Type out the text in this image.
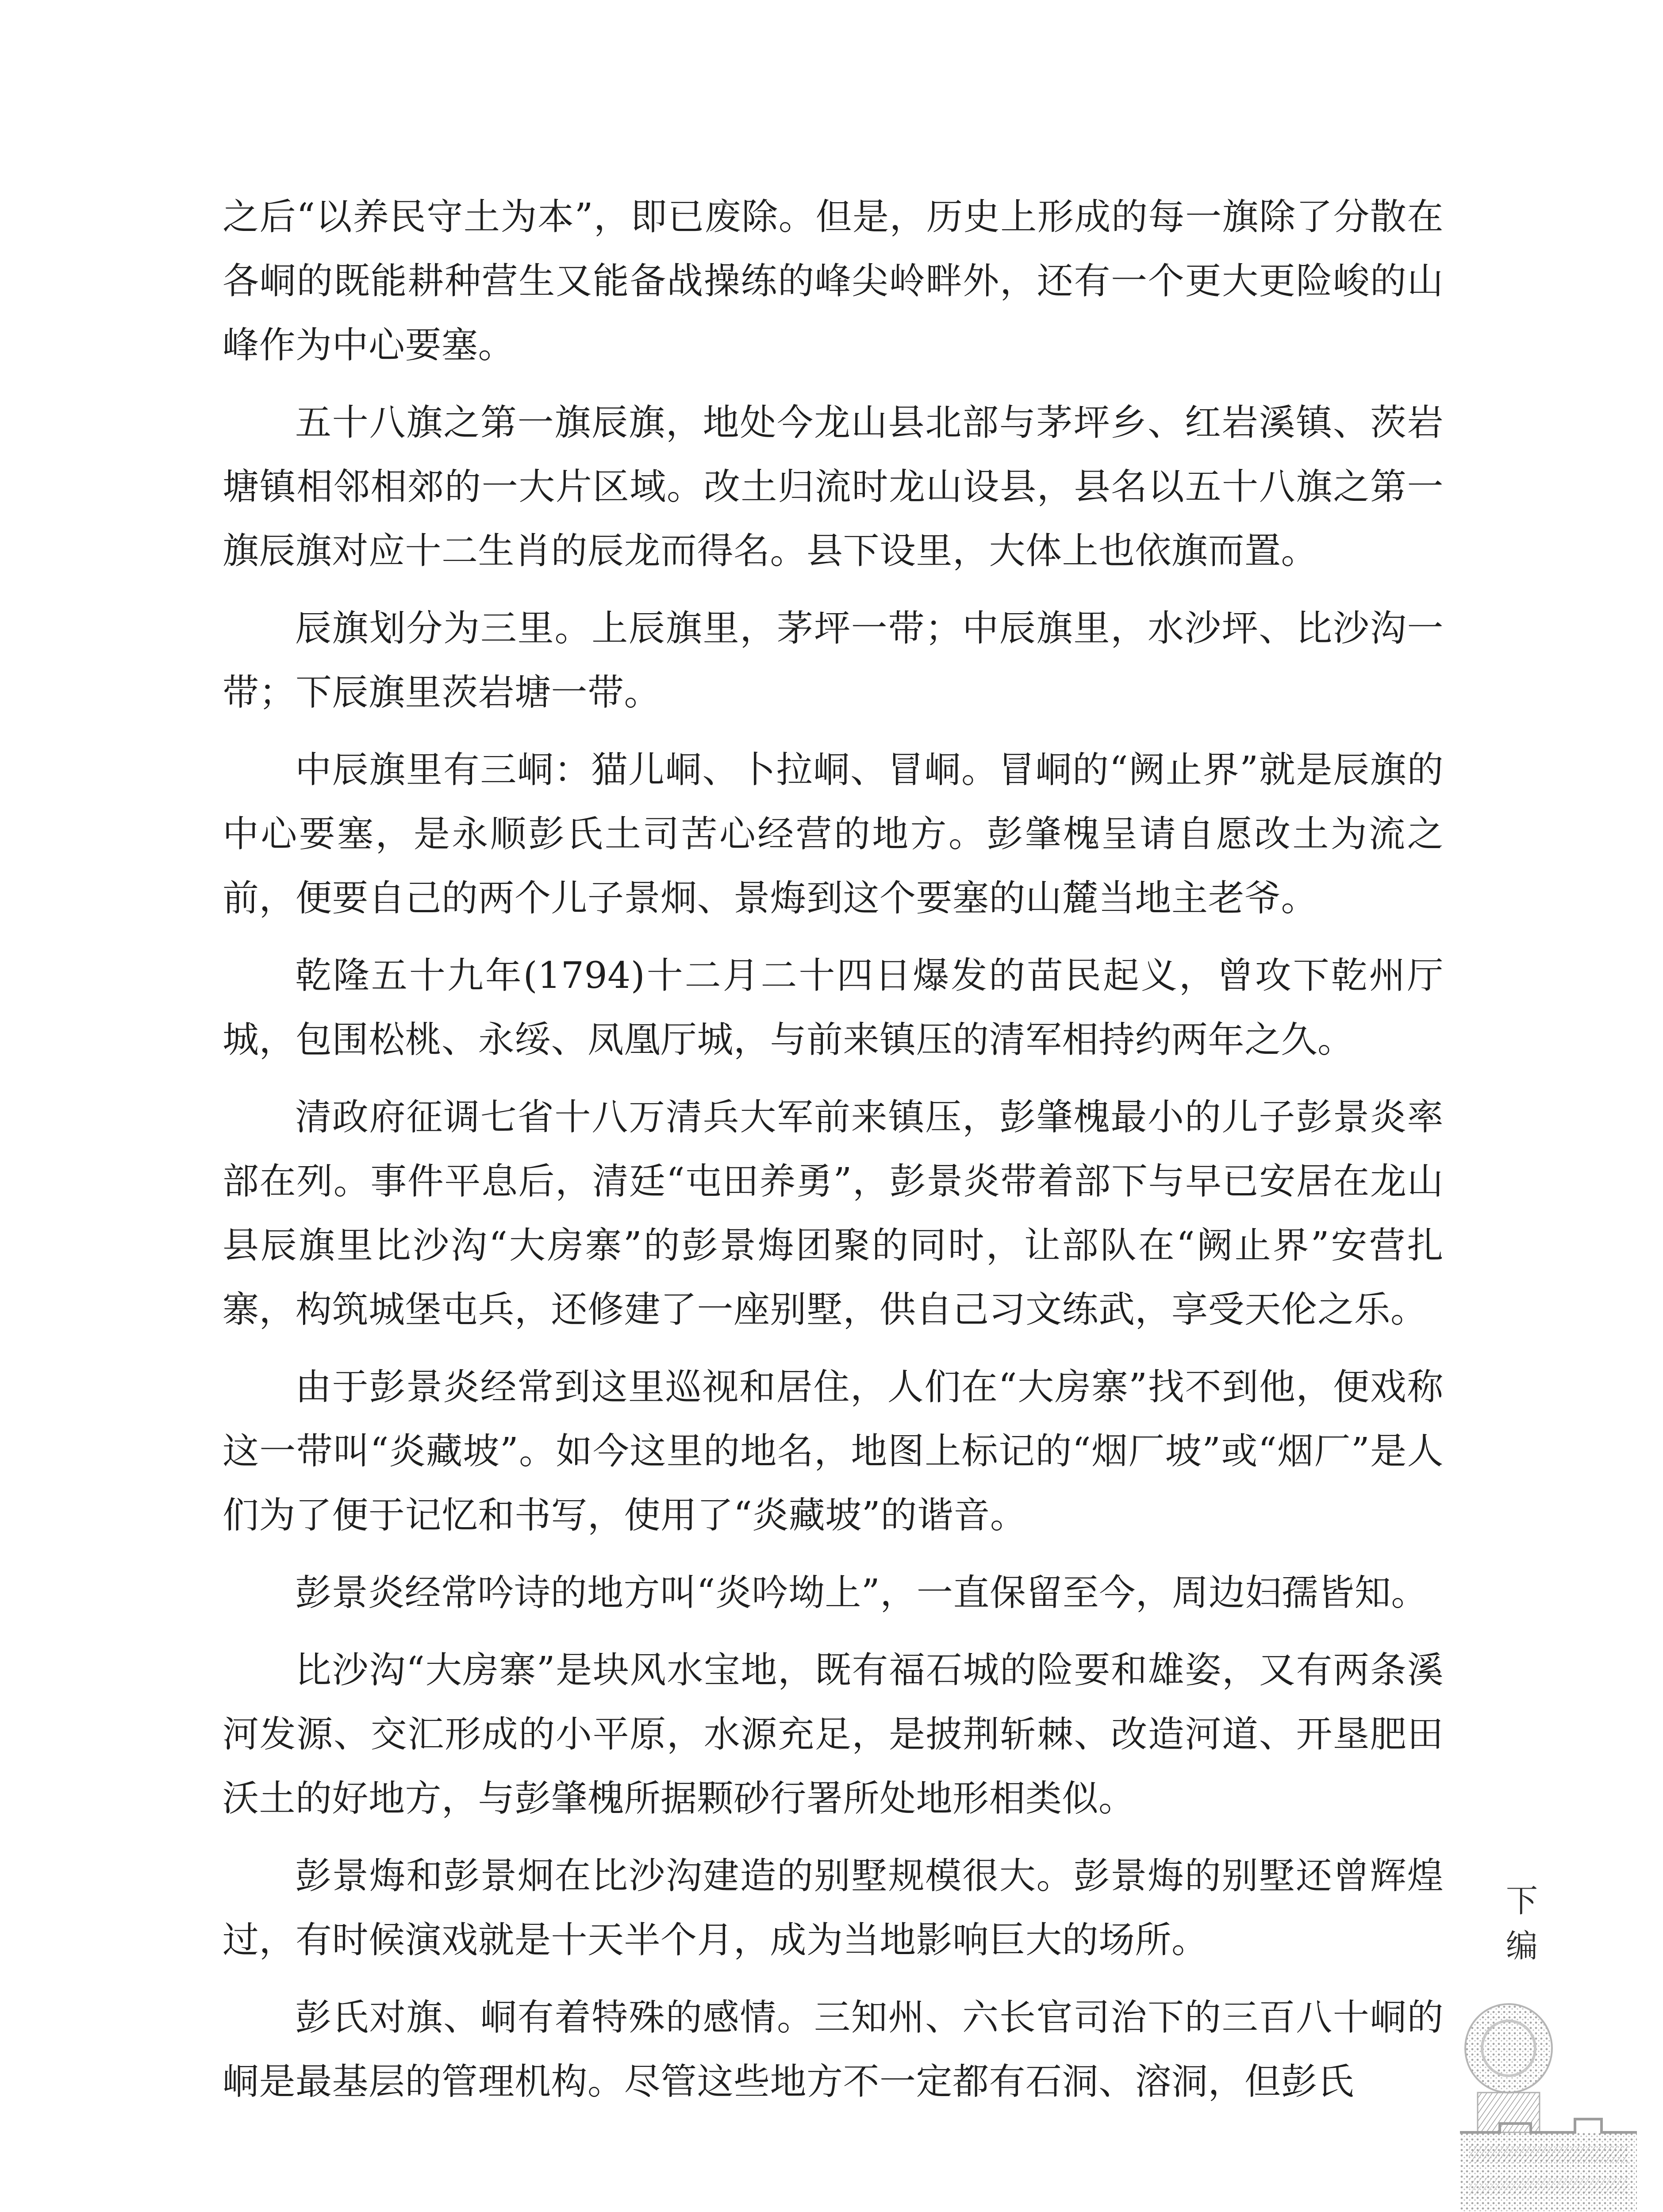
之后“以养民守土为本”，即已废除。但是，历史上形成的每一旗除了分散在各峒的既能耕种营生又能备战操练的峰尖岭畔外，还有一个更大更险峻的山峰作为中心要塞。

五十八旗之第一旗辰旗，地处今龙山县北部与茅坪乡、红岩溪镇、茨岩塘镇相邻相郊的一大片区域。改土归流时龙山设县，县名以五十八旗之第一旗辰旗对应十二生肖的辰龙而得名。县下设里，大体上也依旗而置。

辰旗划分为三里。上辰旗里，茅坪一带；中辰旗里，水沙坪、比沙沟一带；下辰旗里茨岩塘一带。

中辰旗里有三峒：猫儿峒、卜拉峒、冒峒。冒峒的“阙止界”就是辰旗的中心要塞，是永顺彭氏土司苦心经营的地方。彭肇槐呈请自愿改土为流之前，便要自己的两个儿子景炯、景烸到这个要塞的山麓当地主老爷。

乾隆五十九年(1794)十二月二十四日爆发的苗民起义，曾攻下乾州厅城，包围松桃、永绥、凤凰厅城，与前来镇压的清军相持约两年之久。

清政府征调七省十八万清兵大军前来镇压，彭肇槐最小的儿子彭景炎率部在列。事件平息后，清廷“屯田养勇”，彭景炎带着部下与早已安居在龙山县辰旗里比沙沟“大房寨”的彭景烸团聚的同时，让部队在“阙止界”安营扎寨，构筑城堡屯兵，还修建了一座别墅，供自己习文练武，享受天伦之乐。

由于彭景炎经常到这里巡视和居住，人们在“大房寨”找不到他，便戏称这一带叫“炎藏坡”。如今这里的地名，地图上标记的“烟厂坡”或“烟厂”是人们为了便于记忆和书写，使用了“炎藏坡”的谐音。

彭景炎经常吟诗的地方叫“炎吟坳上”，一直保留至今，周边妇孺皆知。

比沙沟“大房寨”是块风水宝地，既有福石城的险要和雄姿，又有两条溪河发源、交汇形成的小平原，水源充足，是披荆斩棘、改造河道、开垦肥田沃土的好地方，与彭肇槐所据颗砂行署所处地形相类似。

彭景烸和彭景炯在比沙沟建造的别墅规模很大。彭景烸的别墅还曾辉煌过，有时候演戏就是十天半个月，成为当地影响巨大的场所。

彭氏对旗、峒有着特殊的感情。三知州、六长官司治下的三百八十峒的峒是最基层的管理机构。尽管这些地方不一定都有石洞、溶洞，但彭氏

下编
